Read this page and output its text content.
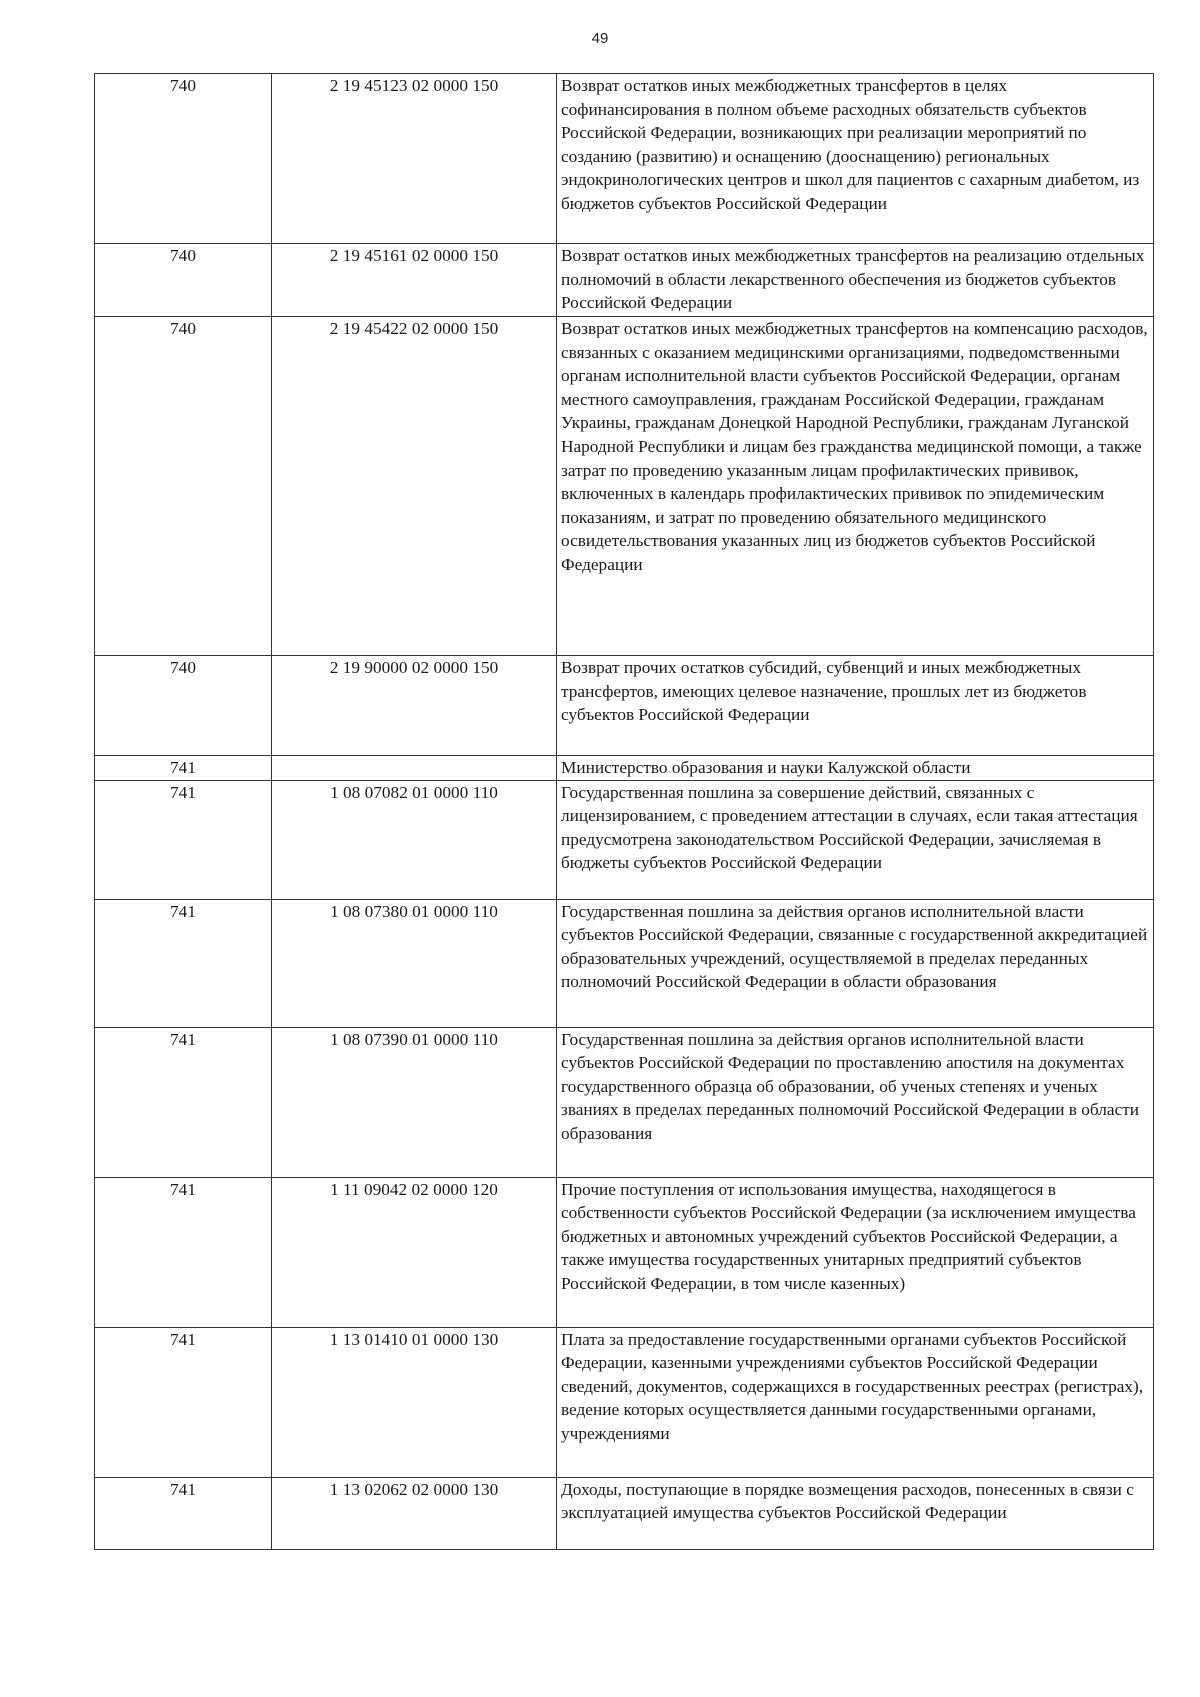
49
740	2 19 45123 02 0000 150	Возврат остатков иных межбюджетных трансфертов в целях софинансирования в полном объеме расходных обязательств субъектов Российской Федерации, возникающих при реализации мероприятий по созданию (развитию) и оснащению (дооснащению) региональных эндокринологических центров и школ для пациентов с сахарным диабетом, из бюджетов субъектов Российской Федерации
740	2 19 45161 02 0000 150	Возврат остатков иных межбюджетных трансфертов на реализацию отдельных полномочий в области лекарственного обеспечения из бюджетов субъектов Российской Федерации
740	2 19 45422 02 0000 150	Возврат остатков иных межбюджетных трансфертов на компенсацию расходов, связанных с оказанием медицинскими организациями, подведомственными органам исполнительной власти субъектов Российской Федерации, органам местного самоуправления, гражданам Российской Федерации, гражданам Украины, гражданам Донецкой Народной Республики, гражданам Луганской Народной Республики и лицам без гражданства медицинской помощи, а также затрат по проведению указанным лицам профилактических прививок, включенных в календарь профилактических прививок по эпидемическим показаниям, и затрат по проведению обязательного медицинского освидетельствования указанных лиц из бюджетов субъектов Российской Федерации
740	2 19 90000 02 0000 150	Возврат прочих остатков субсидий, субвенций и иных межбюджетных трансфертов, имеющих целевое назначение, прошлых лет из бюджетов субъектов Российской Федерации
741		Министерство образования и науки Калужской области
741	1 08 07082 01 0000 110	Государственная пошлина за совершение действий, связанных с лицензированием, с проведением аттестации в случаях, если такая аттестация предусмотрена законодательством Российской Федерации, зачисляемая в бюджеты субъектов Российской Федерации
741	1 08 07380 01 0000 110	Государственная пошлина за действия органов исполнительной власти субъектов Российской Федерации, связанные с государственной аккредитацией образовательных учреждений, осуществляемой в пределах переданных полномочий Российской Федерации в области образования
741	1 08 07390 01 0000 110	Государственная пошлина за действия органов исполнительной власти субъектов Российской Федерации по проставлению апостиля на документах государственного образца об образовании, об ученых степенях и ученых званиях в пределах переданных полномочий Российской Федерации в области образования
741	1 11 09042 02 0000 120	Прочие поступления от использования имущества, находящегося в собственности субъектов Российской Федерации (за исключением имущества бюджетных и автономных учреждений субъектов Российской Федерации, а также имущества государственных унитарных предприятий субъектов Российской Федерации, в том числе казенных)
741	1 13 01410 01 0000 130	Плата за предоставление государственными органами субъектов Российской Федерации, казенными учреждениями субъектов Российской Федерации сведений, документов, содержащихся в государственных реестрах (регистрах), ведение которых осуществляется данными государственными органами, учреждениями
741	1 13 02062 02 0000 130	Доходы, поступающие в порядке возмещения расходов, понесенных в связи с эксплуатацией имущества субъектов Российской Федерации
